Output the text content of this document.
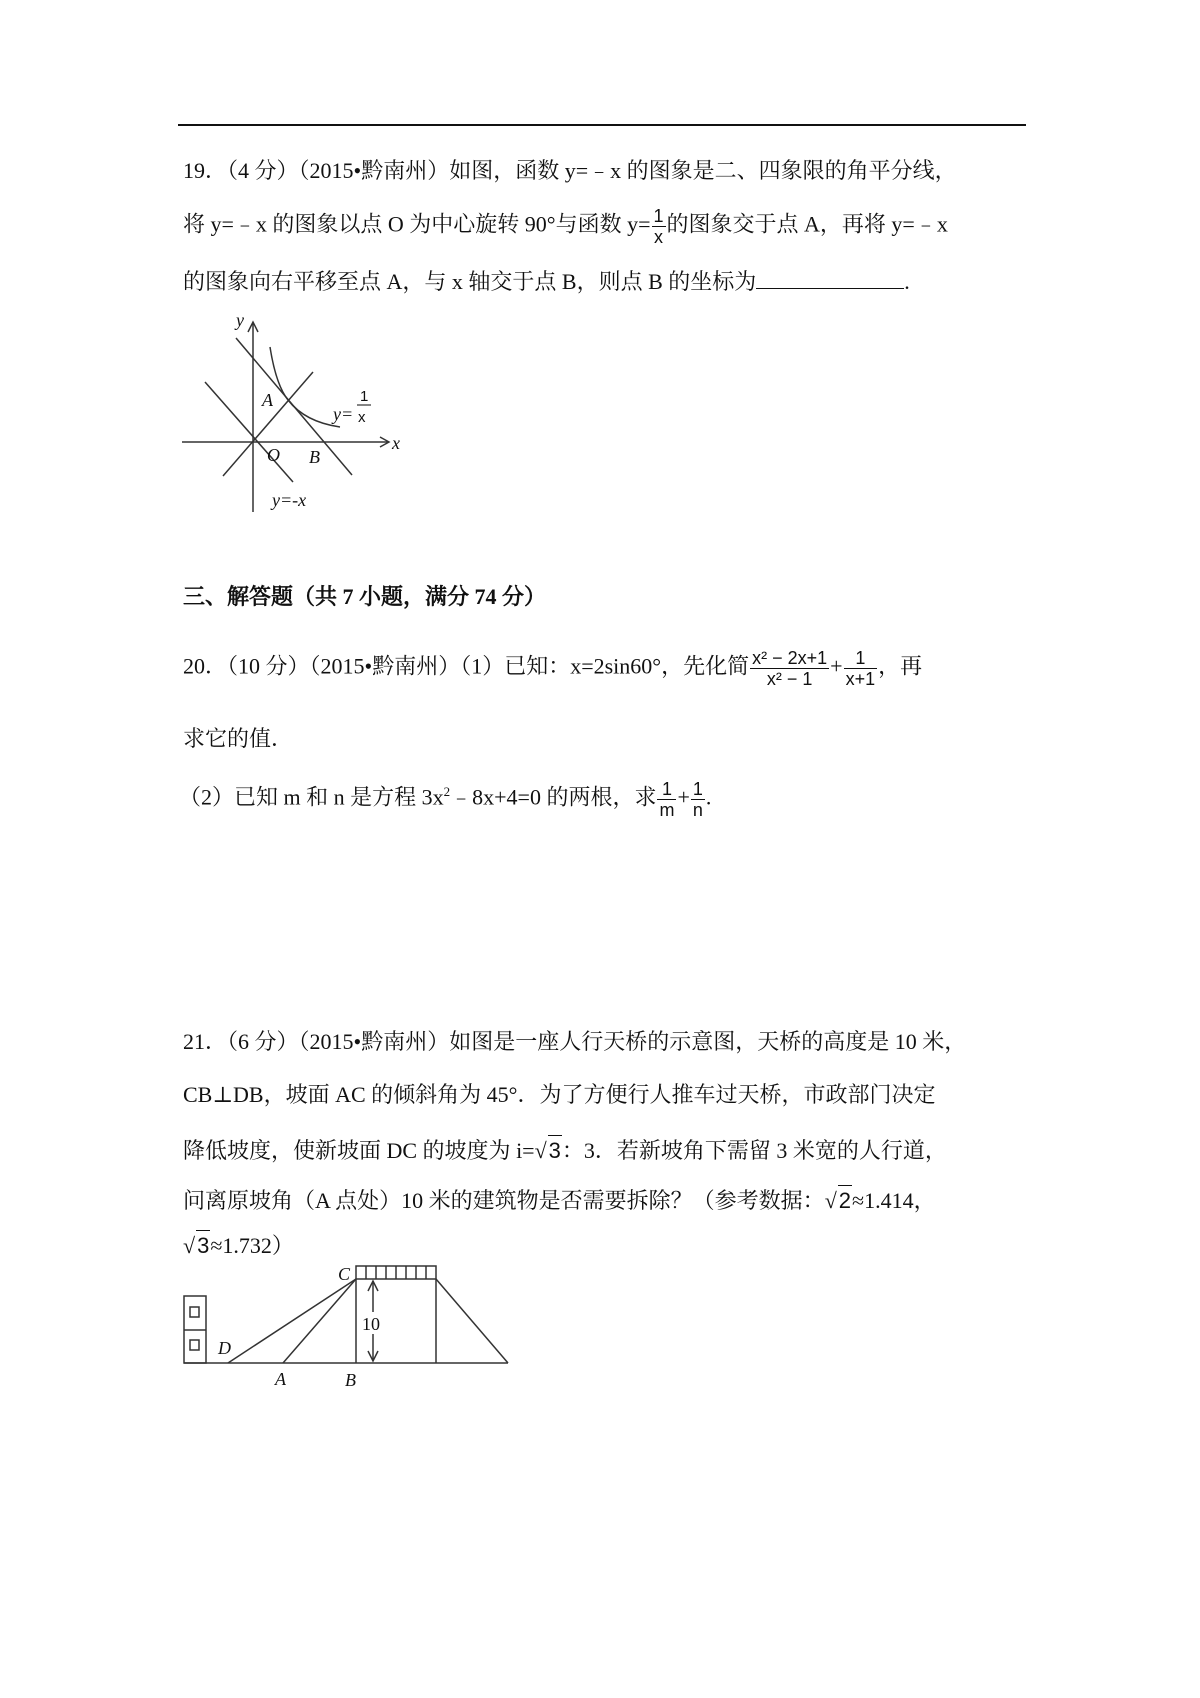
19．（4 分）（2015•黔南州）如图，函数 y=﹣x 的图象是二、四象限的角平分线，
将 y=﹣x 的图象以点 O 为中心旋转 90°与函数 $y= \frac{1}{x}$ 的图象交于点 A，再将 y=﹣x
的图象向右平移至点 A，与 x 轴交于点 B，则点 B 的坐标为	.
y
x
A
O B
y=
1
x
y=-x
三、解答题（共 7 小题，满分 74 分）
20．（10 分）（2015•黔南州）（1）已知：x=2sin60°，先化简 $\frac{\text{x² − 2x+1}}{\text{x² − 1}} + \frac{1}{x+1}$ ，再
求它的值．
（2）已知 m 和 n 是方程 $3x^2﹣8x+4=0$ 的两根，求 $\frac{1}{m} + \frac{1}{n}$ .
21．（6 分）（2015•黔南州）如图是一座人行天桥的示意图，天桥的高度是 10 米，
CB⊥DB，坡面 AC 的倾斜角为 45°．为了方便行人推车过天桥，市政部门决定
降低坡度，使新坡面 DC 的坡度为 i=√3：3．若新坡角下需留 3 米宽的人行道，
问离原坡角（A 点处）10 米的建筑物是否需要拆除？（参考数据：√2≈1.414，
√3≈1.732）
10
C
D
A	B
